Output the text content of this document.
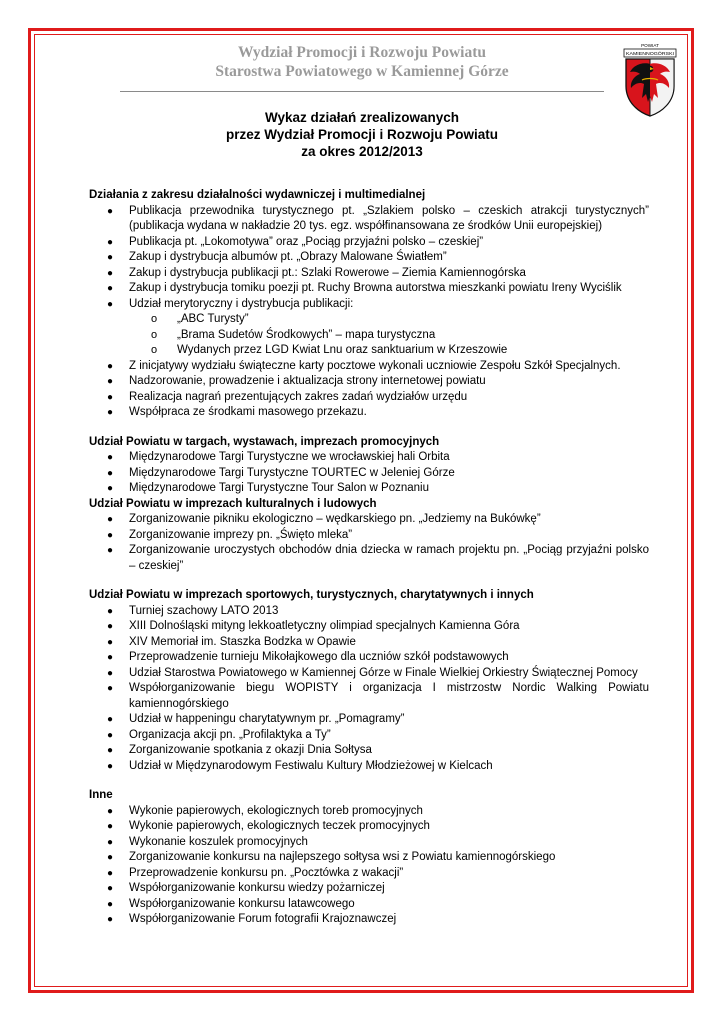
Wydział Promocji i Rozwoju Powiatu
Starostwa Powiatowego w Kamiennej Górze
POWIAT
KAMIENNOGÓRSKI
Wykaz działań zrealizowanych
przez Wydział Promocji i Rozwoju Powiatu
za okres 2012/2013
Działania z zakresu działalności wydawniczej i multimedialnej
● Publikacja przewodnika turystycznego pt. „Szlakiem polsko – czeskich atrakcji turystycznych” (publikacja wydana w nakładzie 20 tys. egz. współfinansowana ze środków Unii europejskiej)
● Publikacja pt. „Lokomotywa” oraz „Pociąg przyjaźni polsko – czeskiej”
● Zakup i dystrybucja albumów pt. „Obrazy Malowane Światłem”
● Zakup i dystrybucja publikacji pt.: Szlaki Rowerowe – Ziemia Kamiennogórska
● Zakup i dystrybucja tomiku poezji pt. Ruchy Browna autorstwa mieszkanki powiatu Ireny Wyciślik
● Udział merytoryczny i dystrybucja publikacji:
o „ABC Turysty”
o „Brama Sudetów Środkowych” – mapa turystyczna
o Wydanych przez LGD Kwiat Lnu oraz sanktuarium w Krzeszowie
● Z inicjatywy wydziału świąteczne karty pocztowe wykonali uczniowie Zespołu Szkół Specjalnych.
● Nadzorowanie, prowadzenie i aktualizacja strony internetowej powiatu
● Realizacja nagrań prezentujących zakres zadań wydziałów urzędu
● Współpraca ze środkami masowego przekazu.
Udział Powiatu w targach, wystawach, imprezach promocyjnych
● Międzynarodowe Targi Turystyczne we wrocławskiej hali Orbita
● Międzynarodowe Targi Turystyczne TOURTEC w Jeleniej Górze
● Międzynarodowe Targi Turystyczne Tour Salon w Poznaniu
Udział Powiatu w imprezach kulturalnych i ludowych
● Zorganizowanie pikniku ekologiczno – wędkarskiego pn. „Jedziemy na Bukówkę”
● Zorganizowanie imprezy pn. „Święto mleka”
● Zorganizowanie uroczystych obchodów dnia dziecka w ramach projektu pn. „Pociąg przyjaźni polsko – czeskiej”
Udział Powiatu w imprezach sportowych, turystycznych, charytatywnych i innych
● Turniej szachowy LATO 2013
● XIII Dolnośląski mityng lekkoatletyczny olimpiad specjalnych Kamienna Góra
● XIV Memoriał im. Staszka Bodzka w Opawie
● Przeprowadzenie turnieju Mikołajkowego dla uczniów szkół podstawowych
● Udział Starostwa Powiatowego w Kamiennej Górze w Finale Wielkiej Orkiestry Świątecznej Pomocy
● Współorganizowanie biegu WOPISTY i organizacja I mistrzostw Nordic Walking Powiatu kamiennogórskiego
● Udział w happeningu charytatywnym pr. „Pomagramy”
● Organizacja akcji pn. „Profilaktyka a Ty”
● Zorganizowanie spotkania z okazji Dnia Sołtysa
● Udział w Międzynarodowym Festiwalu Kultury Młodzieżowej w Kielcach
Inne
● Wykonie papierowych, ekologicznych toreb promocyjnych
● Wykonie papierowych, ekologicznych teczek promocyjnych
● Wykonanie koszulek promocyjnych
● Zorganizowanie konkursu na najlepszego sołtysa wsi z Powiatu kamiennogórskiego
● Przeprowadzenie konkursu pn. „Pocztówka z wakacji”
● Współorganizowanie konkursu wiedzy pożarniczej
● Współorganizowanie konkursu latawcowego
● Współorganizowanie Forum fotografii Krajoznawczej
